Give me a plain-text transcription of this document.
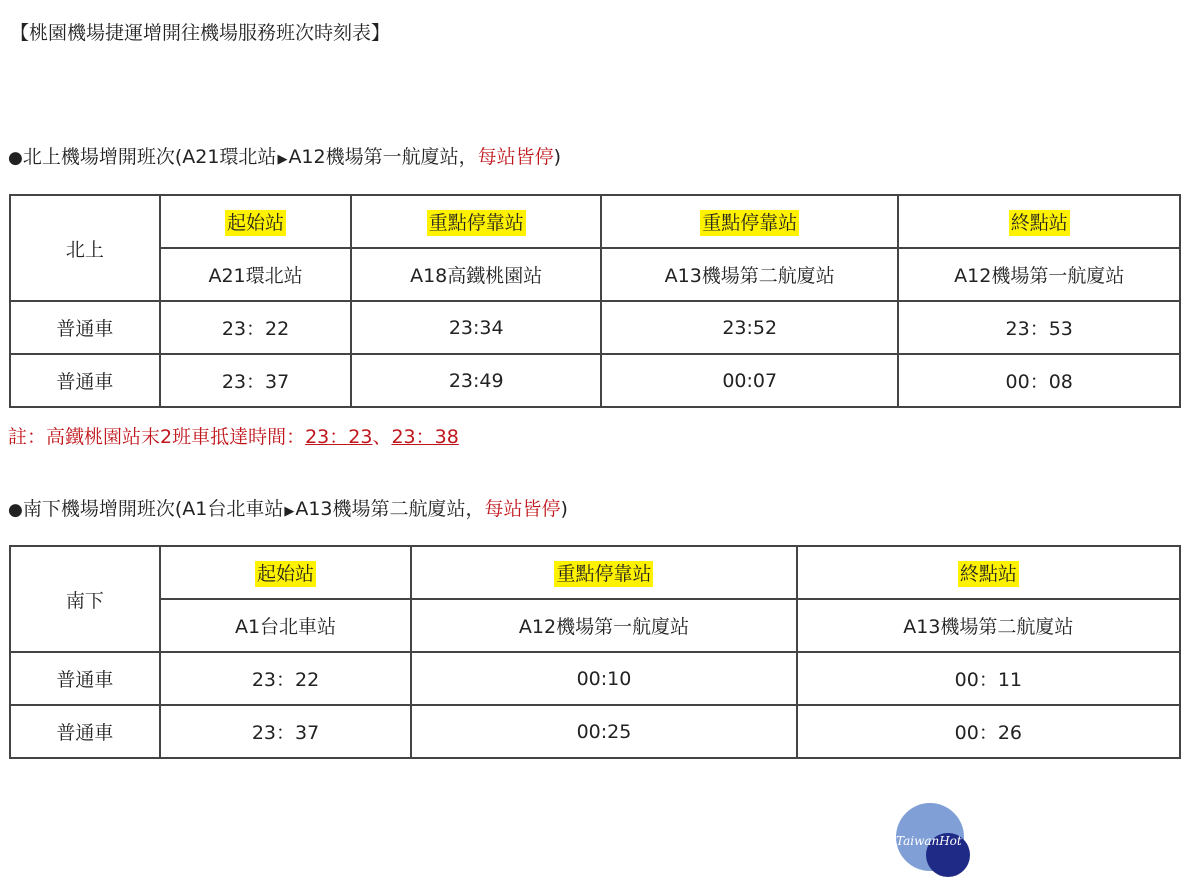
【桃園機場捷運增開往機場服務班次時刻表】
●北上機場增開班次(A21環北站▶A12機場第一航廈站，每站皆停)
北上	起始站	重點停靠站	重點停靠站	終點站
	A21環北站	A18高鐵桃園站	A13機場第二航廈站	A12機場第一航廈站
普通車	23：22	23:34	23:52	23：53
普通車	23：37	23:49	00:07	00：08
註：高鐵桃園站末2班車抵達時間：23：23、23：38
●南下機場增開班次(A1台北車站▶A13機場第二航廈站，每站皆停)
南下	起始站	重點停靠站	終點站
	A1台北車站	A12機場第一航廈站	A13機場第二航廈站
普通車	23：22	00:10	00：11
普通車	23：37	00:25	00：26
TaiwanHot
